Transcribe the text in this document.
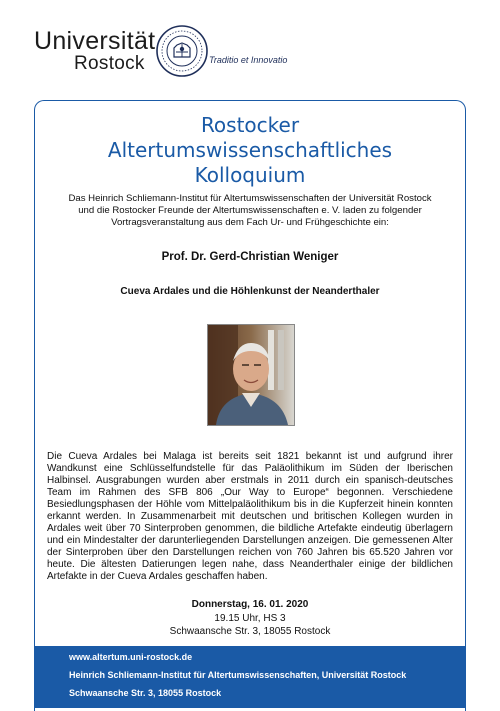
Universität
Rostock	Traditio et Innovatio
Rostocker
Altertumswissenschaftliches
Kolloquium
Das Heinrich Schliemann-Institut für Altertumswissenschaften der Universität Rostock
und die Rostocker Freunde der Altertumswissenschaften e. V. laden zu folgender
Vortragsveranstaltung aus dem Fach Ur- und Frühgeschichte ein:
Prof. Dr. Gerd-Christian Weniger
Cueva Ardales und die Höhlenkunst der Neanderthaler
Die Cueva Ardales bei Malaga ist bereits seit 1821 bekannt ist und aufgrund ihrer Wandkunst eine Schlüsselfundstelle für das Paläolithikum im Süden der Iberischen Halbinsel. Ausgrabungen wurden aber erstmals in 2011 durch ein spanisch-deutsches Team im Rahmen des SFB 806 „Our Way to Europe“ begonnen. Verschiedene Besiedlungsphasen der Höhle vom Mittelpaläolithikum bis in die Kupferzeit hinein konnten erkannt werden. In Zusammenarbeit mit deutschen und britischen Kollegen wurden in Ardales weit über 70 Sinterproben genommen, die bildliche Artefakte eindeutig überlagern und ein Mindestalter der darunterliegenden Darstellungen anzeigen. Die gemessenen Alter der Sinterproben über den Darstellungen reichen von 760 Jahren bis 65.520 Jahren vor heute. Die ältesten Datierungen legen nahe, dass Neanderthaler einige der bildlichen Artefakte in der Cueva Ardales geschaffen haben.
Donnerstag, 16. 01. 2020
19.15 Uhr, HS 3
Schwaansche Str. 3, 18055 Rostock
www.altertum.uni-rostock.de
Heinrich Schliemann-Institut für Altertumswissenschaften, Universität Rostock
Schwaansche Str. 3, 18055 Rostock
